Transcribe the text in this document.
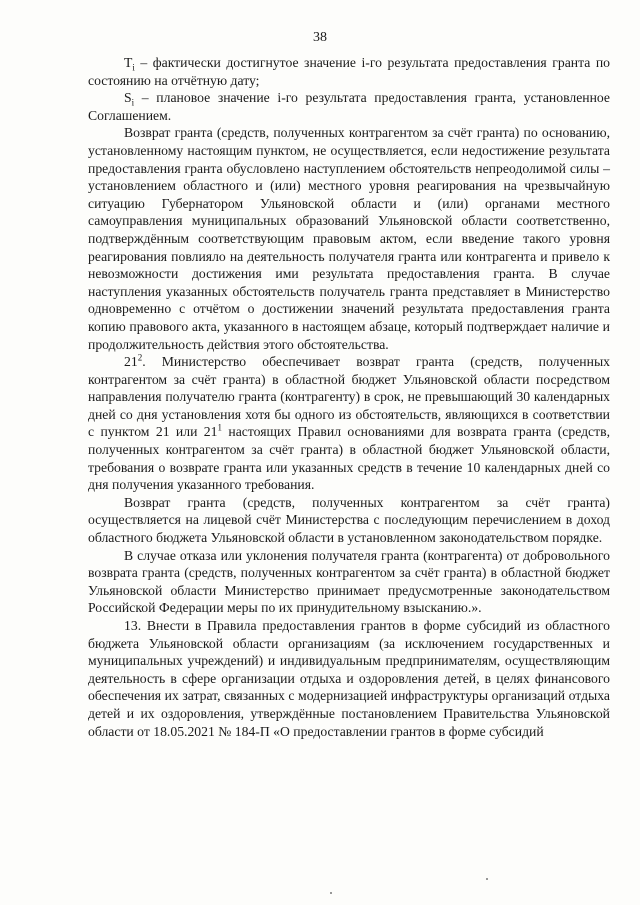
38

$T_i$ – фактически достигнутое значение i-го результата предоставления гранта по состоянию на отчётную дату;

$S_i$ – плановое значение i-го результата предоставления гранта, установленное Соглашением.

Возврат гранта (средств, полученных контрагентом за счёт гранта) по основанию, установленному настоящим пунктом, не осуществляется, если недостижение результата предоставления гранта обусловлено наступлением обстоятельств непреодолимой силы – установлением областного и (или) местного уровня реагирования на чрезвычайную ситуацию Губернатором Ульяновской области и (или) органами местного самоуправления муниципальных образований Ульяновской области соответственно, подтверждённым соответствующим правовым актом, если введение такого уровня реагирования повлияло на деятельность получателя гранта или контрагента и привело к невозможности достижения ими результата предоставления гранта. В случае наступления указанных обстоятельств получатель гранта представляет в Министерство одновременно с отчётом о достижении значений результата предоставления гранта копию правового акта, указанного в настоящем абзаце, который подтверждает наличие и продолжительность действия этого обстоятельства.

$21^2$. Министерство обеспечивает возврат гранта (средств, полученных контрагентом за счёт гранта) в областной бюджет Ульяновской области посредством направления получателю гранта (контрагенту) в срок, не превышающий 30 календарных дней со дня установления хотя бы одного из обстоятельств, являющихся в соответствии с пунктом 21 или $21^1$ настоящих Правил основаниями для возврата гранта (средств, полученных контрагентом за счёт гранта) в областной бюджет Ульяновской области, требования о возврате гранта или указанных средств в течение 10 календарных дней со дня получения указанного требования.

Возврат гранта (средств, полученных контрагентом за счёт гранта) осуществляется на лицевой счёт Министерства с последующим перечислением в доход областного бюджета Ульяновской области в установленном законодательством порядке.

В случае отказа или уклонения получателя гранта (контрагента) от добровольного возврата гранта (средств, полученных контрагентом за счёт гранта) в областной бюджет Ульяновской области Министерство принимает предусмотренные законодательством Российской Федерации меры по их принудительному взысканию.».

13. Внести в Правила предоставления грантов в форме субсидий из областного бюджета Ульяновской области организациям (за исключением государственных и муниципальных учреждений) и индивидуальным предпринимателям, осуществляющим деятельность в сфере организации отдыха и оздоровления детей, в целях финансового обеспечения их затрат, связанных с модернизацией инфраструктуры организаций отдыха детей и их оздоровления, утверждённые постановлением Правительства Ульяновской области от 18.05.2021 № 184-П «О предоставлении грантов в форме субсидий
